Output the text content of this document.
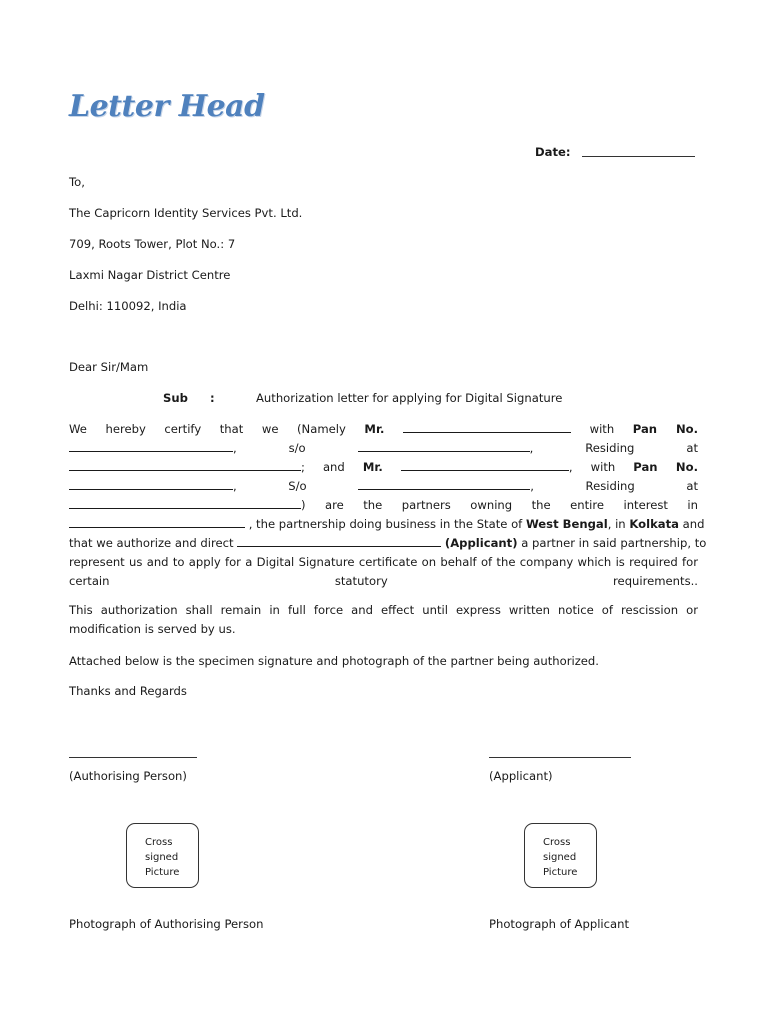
Letter Head
Date:
To,
The Capricorn Identity Services Pvt. Ltd.
709, Roots Tower, Plot No.: 7
Laxmi Nagar District Centre
Delhi: 110092, India
Dear Sir/Mam
Sub :	Authorization letter for applying for Digital Signature
We hereby certify that we (Namely Mr.	with Pan No.
, s/o	, Residing at
; and Mr.	, with Pan No.
, S/o	, Residing at
) are the partners owning the entire interest in
, the partnership doing business in the State of West Bengal, in Kolkata and
that we authorize and direct	(Applicant) a partner in said partnership, to
represent us and to apply for a Digital Signature certificate on behalf of the company which is required for
certain statutory requirements..
This authorization shall remain in full force and effect until express written notice of rescission or
modification is served by us.
Attached below is the specimen signature and photograph of the partner being authorized.
Thanks and Regards
(Authorising Person)	(Applicant)
Cross
signed
Picture
Cross
signed
Picture
Photograph of Authorising Person	Photograph of Applicant
